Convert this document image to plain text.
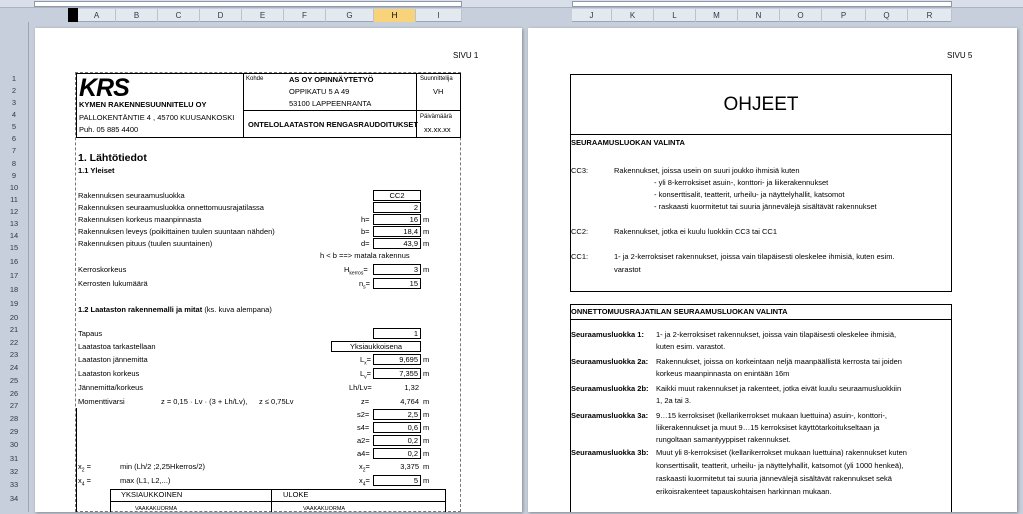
A	B	C	D	E	F	G	H	I	J	K	L	M	N	O	P	Q	R
1
2
3
4
5
6
7
8
9
10
11
12
13
14
15
16
17
18
19
20
21
22
23
24
25
26
27
28
29
30
31
32
33
34
SIVU 1
KRS
KYMEN RAKENNESUUNNITELU OY
PALLOKENTÄNTIE 4 , 45700 KUUSANKOSKI
Puh. 05 885 4400
Kohde	AS OY OPINNÄYTETYÖ
OPPIKATU 5 A 49
53100 LAPPEENRANTA
Suunnittelija
VH
ONTELOLAATASTON RENGASRAUDOITUKSET
Päivämäärä
xx.xx.xx
1. Lähtötiedot
1.1 Yleiset
Rakennuksen seuraamusluokka	CC2
Rakennuksen seuraamusluokka onnettomuusrajatilassa	2
Rakennuksen korkeus maanpinnasta	h=	16 m
Rakennuksen leveys (poikittainen tuulen suuntaan nähden)	b=	18,4 m
Rakennuksen pituus (tuulen suuntainen)	d=	43,9 m
h < b ==> matala rakennus
Kerroskorkeus	$H_{kerros}=$	3 m
Kerrosten lukumäärä	$n_s=$	15
1.2 Laataston rakennemalli ja mitat (ks. kuva alempana)
Tapaus	1
Laatastoa tarkastellaan	Yksiaukkoisena
Laataston jännemitta	$L_x=$	9,695 m
Laataston korkeus	$L_v=$	7,355 m
Jännemitta/korkeus	Lh/Lv=	1,32
Momenttivarsi	z = 0,15 · Lv · (3 + Lh/Lv), z ≤ 0,75Lv	z=	4,764 m
s2=	2,5 m
s4=	0,6 m
a2=	0,2 m
a4=	0,2 m
$x_2$ =	min (Lh/2 ;2,25Hkerros/2)	$x_2=$	3,375 m
$x_4$ =	max (L1, L2,...)	$x_4=$	5 m
YKSIAUKKOINEN	ULOKE
VAAKAKUORMA	VAAKAKUORMA
SIVU 5
OHJEET
SEURAAMUSLUOKAN VALINTA
CC3:	Rakennukset, joissa usein on suuri joukko ihmisiä kuten
- yli 8-kerroksiset asuin-, konttori- ja liikerakennukset
- konserttisalit, teatterit, urheilu- ja näyttelyhallit, katsomot
- raskaasti kuormitetut tai suuria jännevälejä sisältävät rakennukset
CC2:	Rakennukset, jotka ei kuulu luokkiin CC3 tai CC1
CC1:	1- ja 2-kerroksiset rakennukset, joissa vain tilapäisesti oleskelee ihmisiä, kuten esim.
varastot
ONNETTOMUUSRAJATILAN SEURAAMUSLUOKAN VALINTA
Seuraamusluokka 1: 1- ja 2-kerroksiset rakennukset, joissa vain tilapäisesti oleskelee ihmisiä,
kuten esim. varastot.
Seuraamusluokka 2a: Rakennukset, joissa on korkeintaan neljä maanpäällistä kerrosta tai joiden
korkeus maanpinnasta on enintään 16m
Seuraamusluokka 2b: Kaikki muut rakennukset ja rakenteet, jotka eivät kuulu seuraamusluokkiin
1, 2a tai 3.
Seuraamusluokka 3a: 9…15 kerroksiset (kellarikerrokset mukaan luettuina) asuin-, konttori-,
liikerakennukset ja muut 9…15 kerroksiset käyttötarkoitukseltaan ja
rungoltaan samantyyppiset rakennukset.
Seuraamusluokka 3b: Muut yli 8-kerroksiset (kellarikerrokset mukaan luettuina) rakennukset kuten
konserttisalit, teatterit, urheilu- ja näyttelyhallit, katsomot (yli 1000 henkeä),
raskaasti kuormitetut tai suuria jännevälejä sisältävät rakennukset sekä
erikoisrakenteet tapauskohtaisen harkinnan mukaan.
